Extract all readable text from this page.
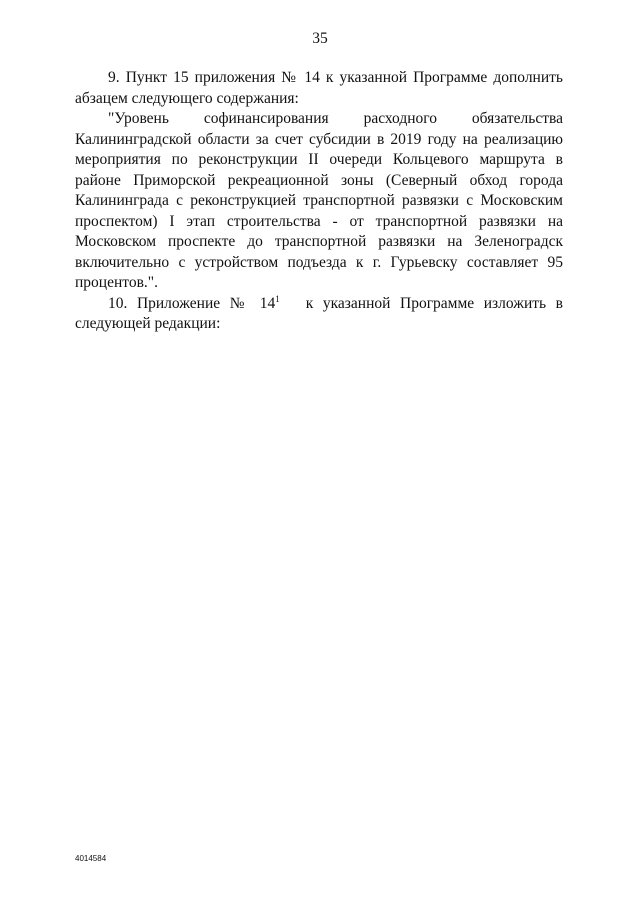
35

9. Пункт 15 приложения № 14 к указанной Программе дополнить абзацем следующего содержания:

"Уровень софинансирования расходного обязательства

Калининградской области за счет субсидии в 2019 году на реализацию мероприятия по реконструкции II очереди Кольцевого маршрута в районе Приморской рекреационной зоны (Северный обход города Калининграда с реконструкцией транспортной развязки с Московским проспектом) I этап строительства - от транспортной развязки на Московском проспекте до транспортной развязки на Зеленоградск включительно с устройством подъезда к г. Гурьевску составляет 95 процентов.".

10. Приложение № $14^1$ к указанной Программе изложить в следующей редакции:

4014584
